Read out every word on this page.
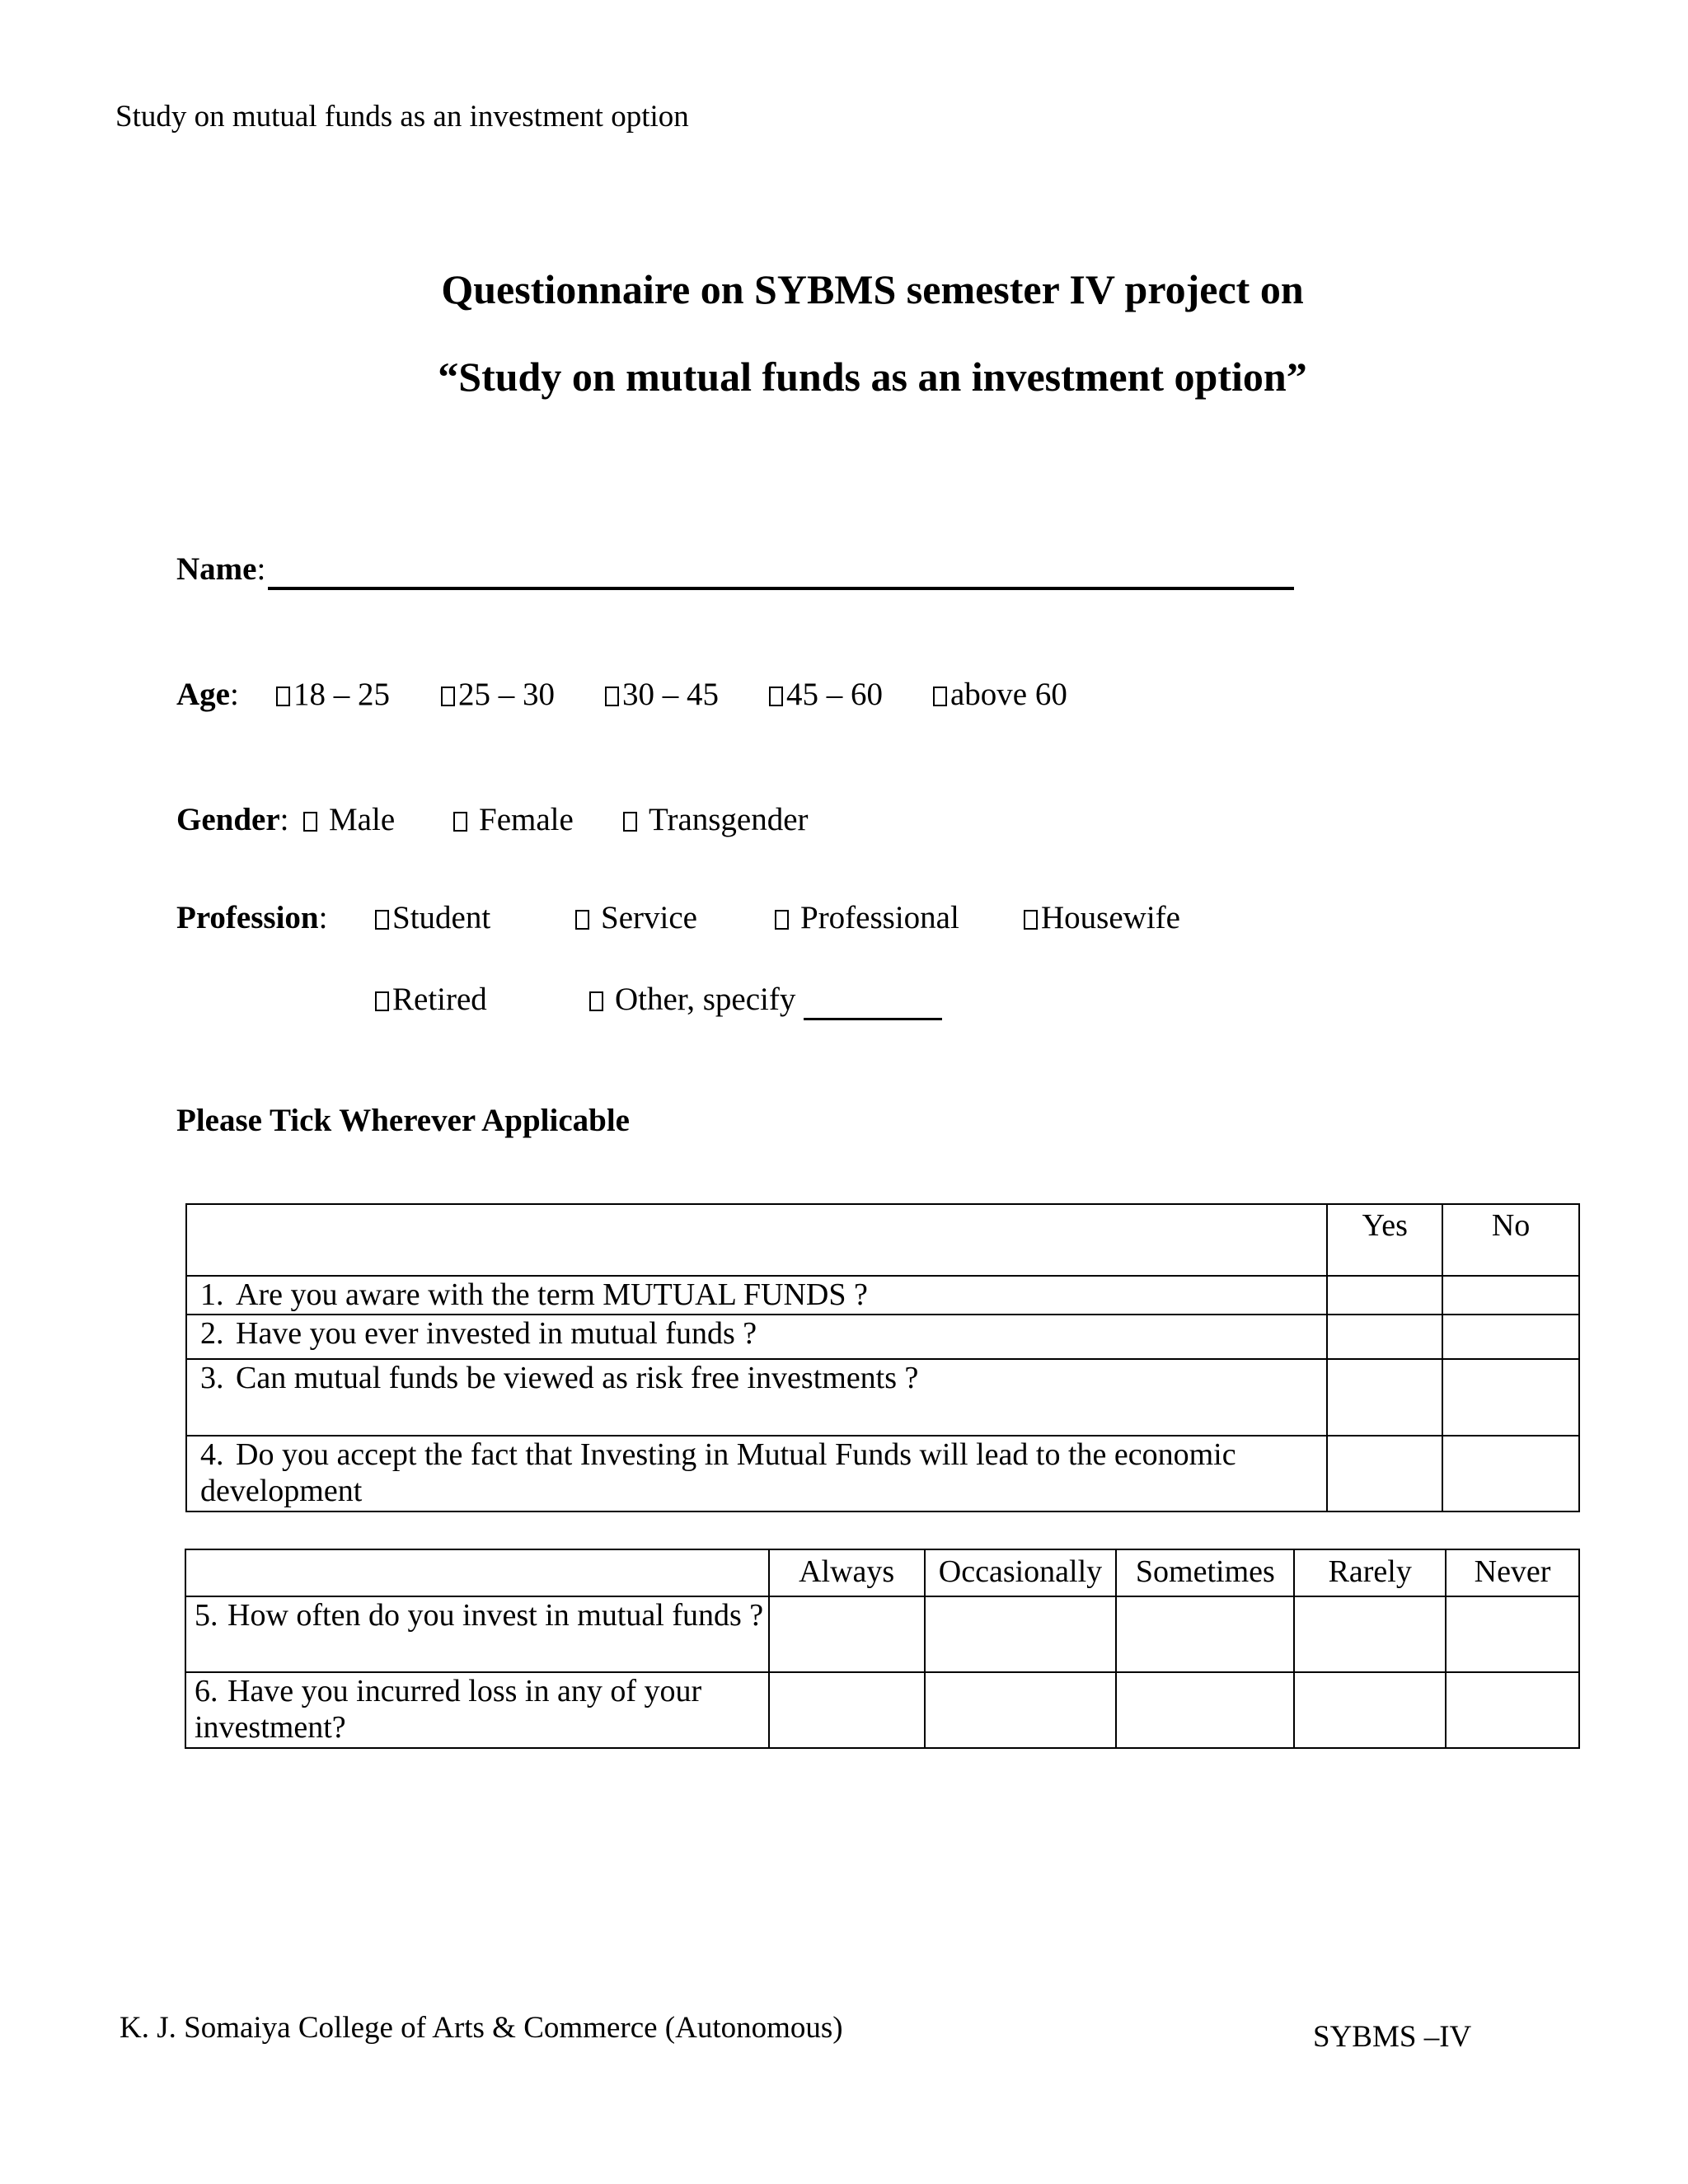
Study on mutual funds as an investment option
Questionnaire on SYBMS semester IV project on
“Study on mutual funds as an investment option”
Name:
Age:	18 – 25	25 – 30	30 – 45	45 – 60	above 60
Gender:	Male	Female	Transgender
Profession:	Student	Service	Professional	Housewife
Retired	Other, specify
Please Tick Wherever Applicable
	Yes	No
1. Are you aware with the term MUTUAL FUNDS ?		
2. Have you ever invested in mutual funds ?		
3. Can mutual funds be viewed as risk free investments ?		
4. Do you accept the fact that Investing in Mutual Funds will lead to the economic development		
	Always	Occasionally	Sometimes	Rarely	Never
5. How often do you invest in mutual funds ?					
6. Have you incurred loss in any of your investment?					
K. J. Somaiya College of Arts & Commerce (Autonomous)	SYBMS –IV
